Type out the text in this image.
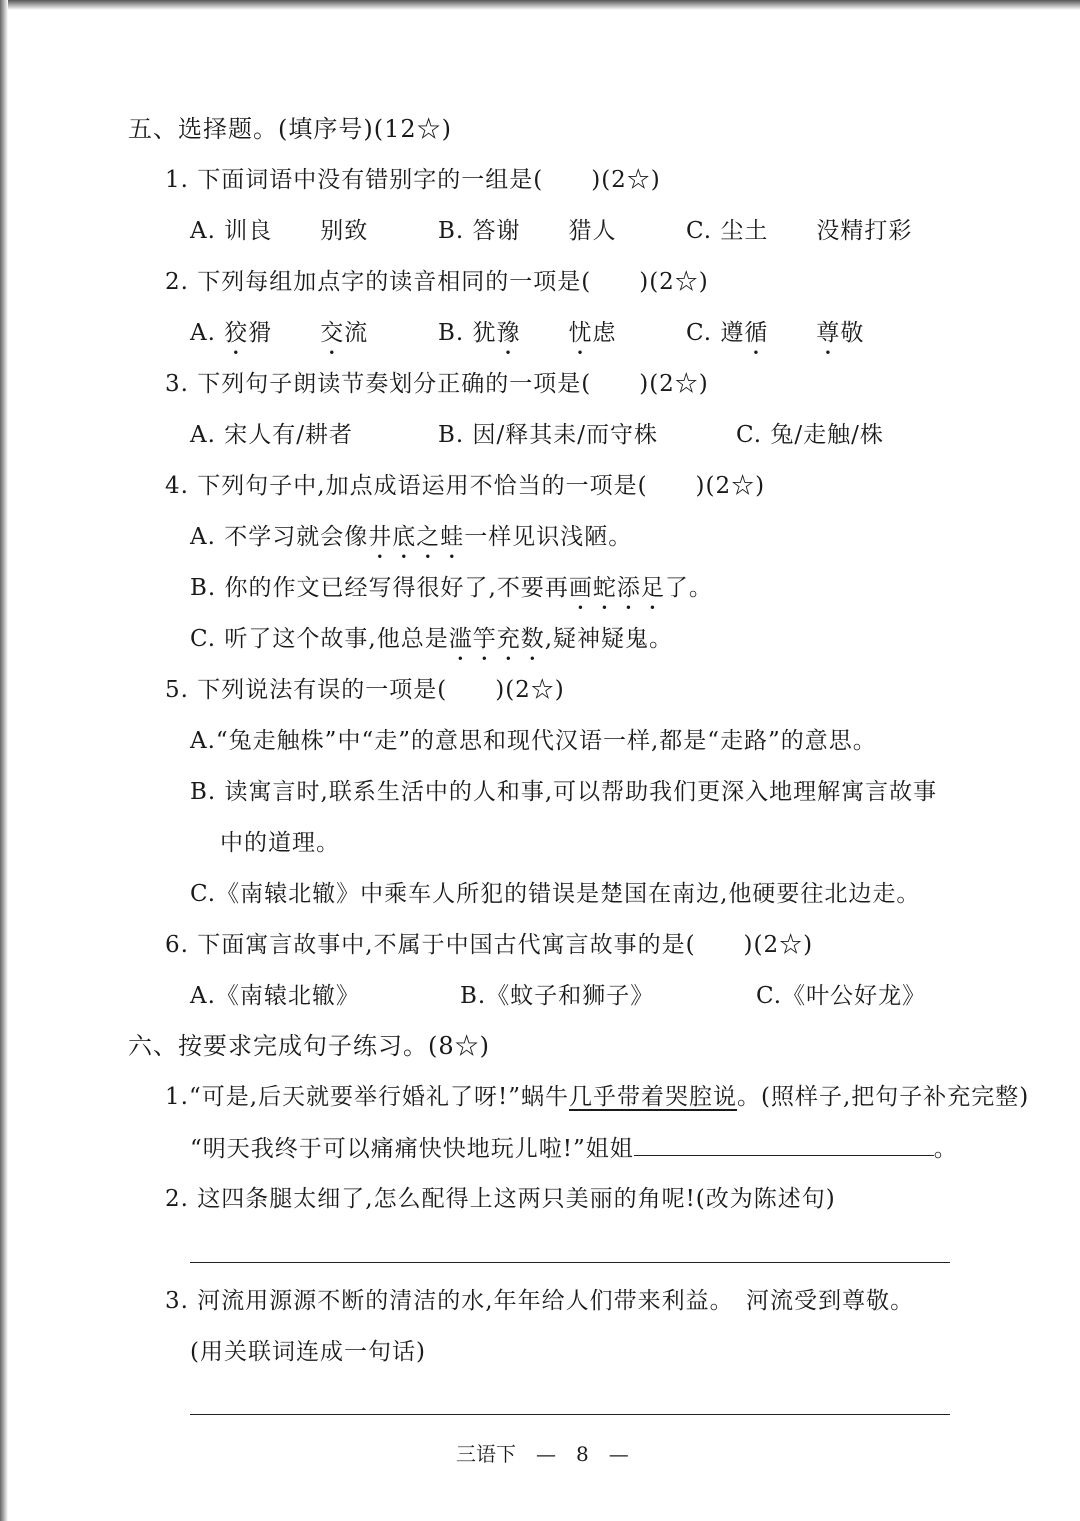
五、选择题。(填序号)(12☆)
1. 下面词语中没有错别字的一组是(　　)(2☆)
A. 训良　　别致	B. 答谢　　猎人	C. 尘土　　没精打彩
2. 下列每组加点字的读音相同的一项是(　　)(2☆)
A. 狡猾　　 交流	B. 犹豫　　 忧虑	C. 遵循　　 尊敬
3. 下列句子朗读节奏划分正确的一项是(　　)(2☆)
A. 宋人有/耕者	B. 因/释其耒/而守株	C. 兔/走触/株
4. 下列句子中,加点成语运用不恰当的一项是(　　)(2☆)
A. 不学习就会像井底之蛙一样见识浅陋。
B. 你的作文已经写得很好了,不要再画蛇添足了。
C. 听了这个故事,他总是滥竽充数,疑神疑鬼。
5. 下列说法有误的一项是(　　)(2☆)
A.“兔走触株”中“走”的意思和现代汉语一样,都是“走路”的意思。
B. 读寓言时,联系生活中的人和事,可以帮助我们更深入地理解寓言故事
中的道理。
C.《南辕北辙》中乘车人所犯的错误是楚国在南边,他硬要往北边走。
6. 下面寓言故事中,不属于中国古代寓言故事的是(　　)(2☆)
A.《南辕北辙》	B.《蚊子和狮子》	C.《叶公好龙》
六、按要求完成句子练习。(8☆)
1.“可是,后天就要举行婚礼了呀!”蜗牛几乎带着哭腔说。(照样子,把句子补充完整)
“明天我终于可以痛痛快快地玩儿啦!”姐姐	。
2. 这四条腿太细了,怎么配得上这两只美丽的角呢!(改为陈述句)
3. 河流用源源不断的清洁的水,年年给人们带来利益。　河流受到尊敬。
(用关联词连成一句话)
三语下　—　8　—
